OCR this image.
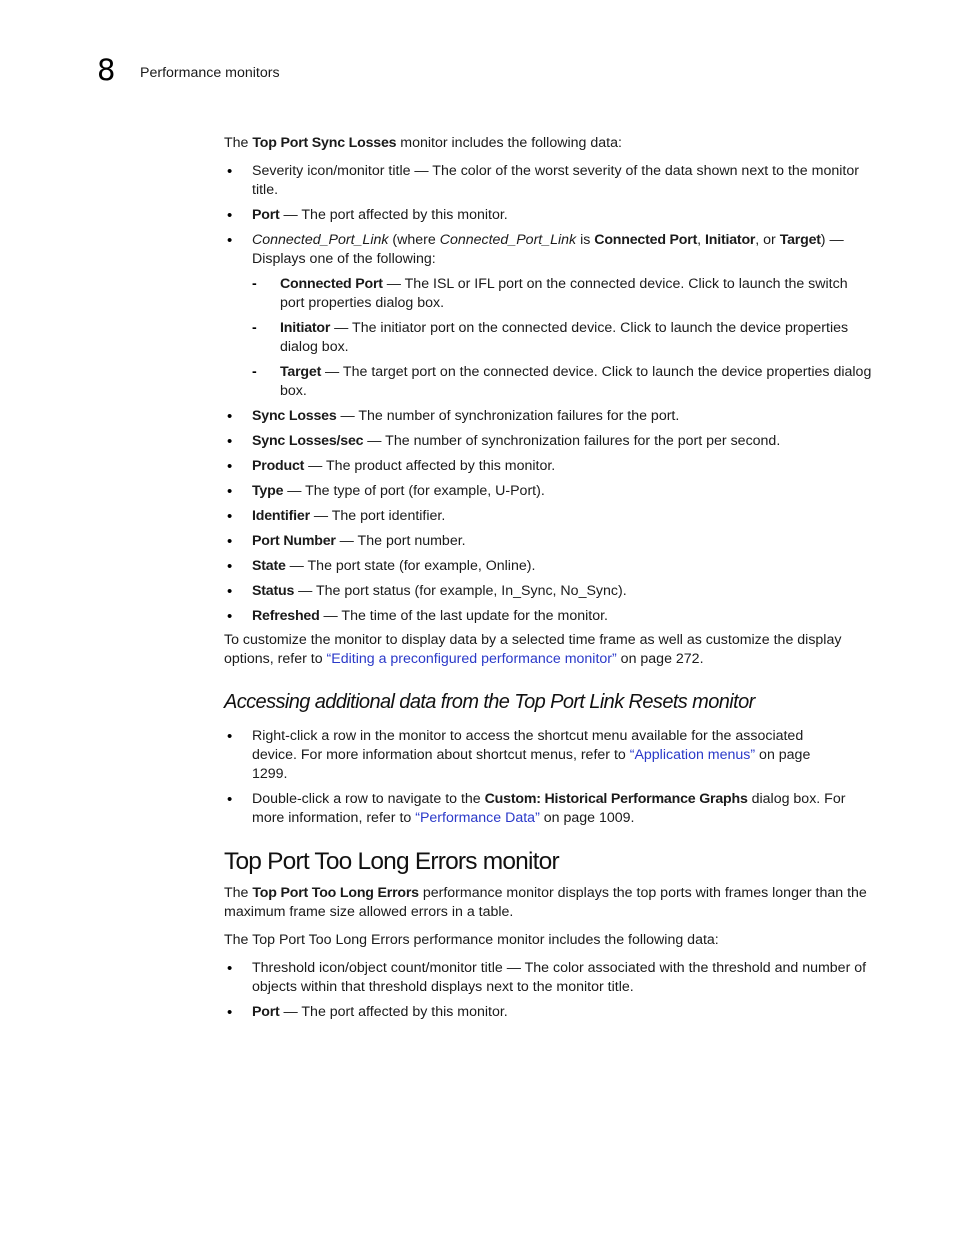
8 Performance monitors

The Top Port Sync Losses monitor includes the following data:

• Severity icon/monitor title — The color of the worst severity of the data shown next to the monitor title.
• Port — The port affected by this monitor.
• Connected_Port_Link (where Connected_Port_Link is Connected Port, Initiator, or Target) — Displays one of the following:
- Connected Port — The ISL or IFL port on the connected device. Click to launch the switch port properties dialog box.
- Initiator — The initiator port on the connected device. Click to launch the device properties dialog box.
- Target — The target port on the connected device. Click to launch the device properties dialog box.
• Sync Losses — The number of synchronization failures for the port.
• Sync Losses/sec — The number of synchronization failures for the port per second.
• Product — The product affected by this monitor.
• Type — The type of port (for example, U-Port).
• Identifier — The port identifier.
• Port Number — The port number.
• State — The port state (for example, Online).
• Status — The port status (for example, In_Sync, No_Sync).
• Refreshed — The time of the last update for the monitor.

To customize the monitor to display data by a selected time frame as well as customize the display options, refer to “Editing a preconfigured performance monitor” on page 272.

Accessing additional data from the Top Port Link Resets monitor
• Right-click a row in the monitor to access the shortcut menu available for the associated device. For more information about shortcut menus, refer to “Application menus” on page 1299.
• Double-click a row to navigate to the Custom: Historical Performance Graphs dialog box. For more information, refer to “Performance Data” on page 1009.
Top Port Too Long Errors monitor

The Top Port Too Long Errors performance monitor displays the top ports with frames longer than the maximum frame size allowed errors in a table.

The Top Port Too Long Errors performance monitor includes the following data:

• Threshold icon/object count/monitor title — The color associated with the threshold and number of objects within that threshold displays next to the monitor title.
• Port — The port affected by this monitor.
